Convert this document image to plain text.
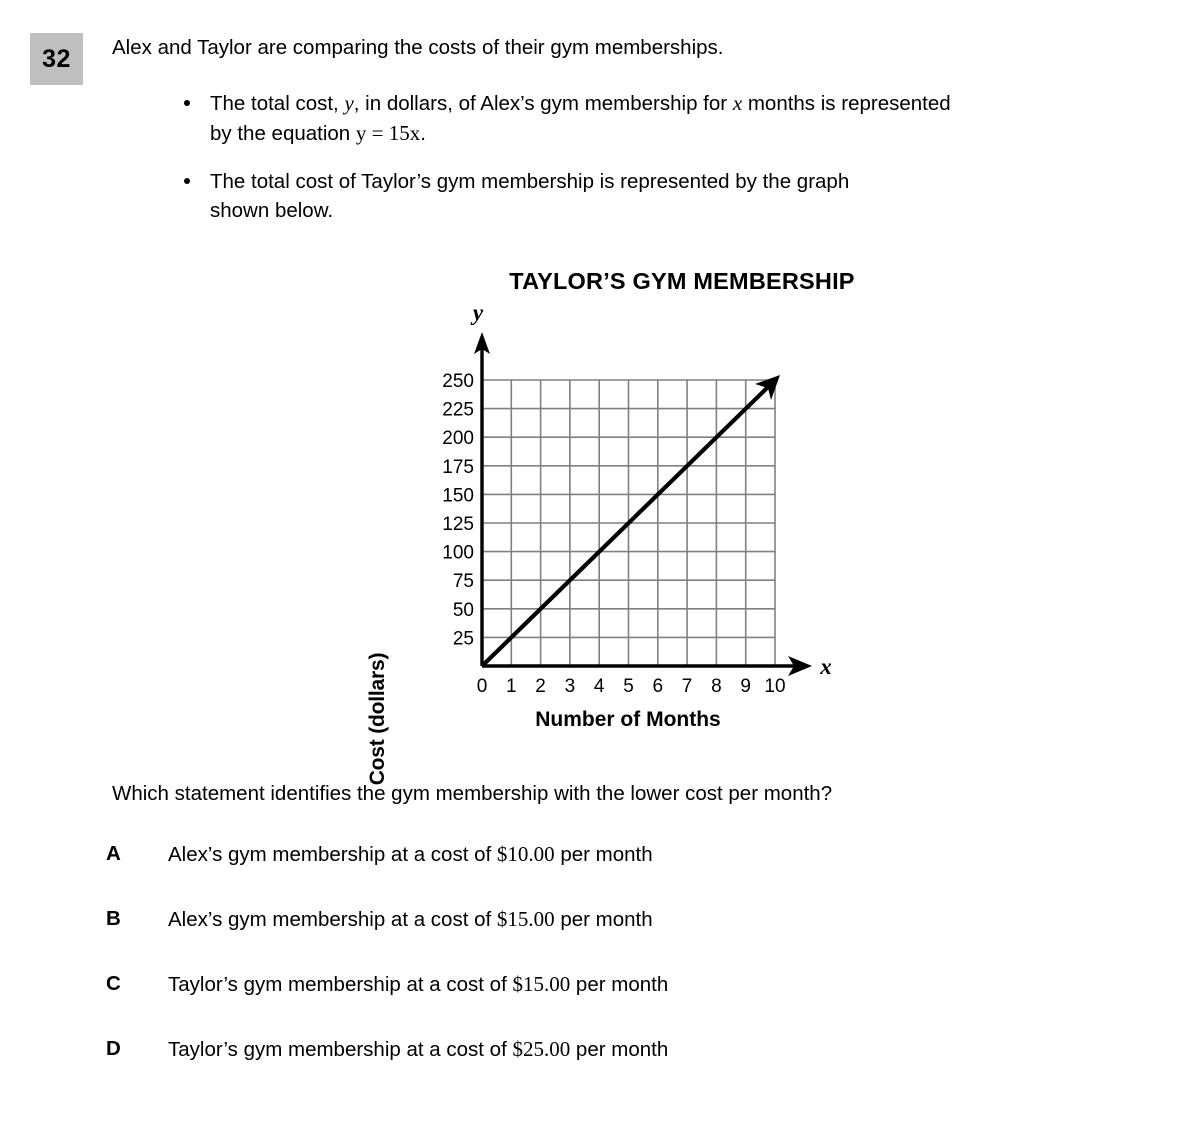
32 Alex and Taylor are comparing the costs of their gym memberships.
The total cost, y, in dollars, of Alex’s gym membership for x months is represented
by the equation y = 15x.
The total cost of Taylor’s gym membership is represented by the graph
shown below.
TAYLOR’S GYM MEMBERSHIP
250
225
200
175
150
125
100
75
50
25
0 1 2 3 4 5 6 7 8 9 10
y
x
Cost (dollars)	Number of Months
Which statement identifies the gym membership with the lower cost per month?
A	Alex’s gym membership at a cost of $10.00 per month
B	Alex’s gym membership at a cost of $15.00 per month
C	Taylor’s gym membership at a cost of $15.00 per month
D	Taylor’s gym membership at a cost of $25.00 per month
